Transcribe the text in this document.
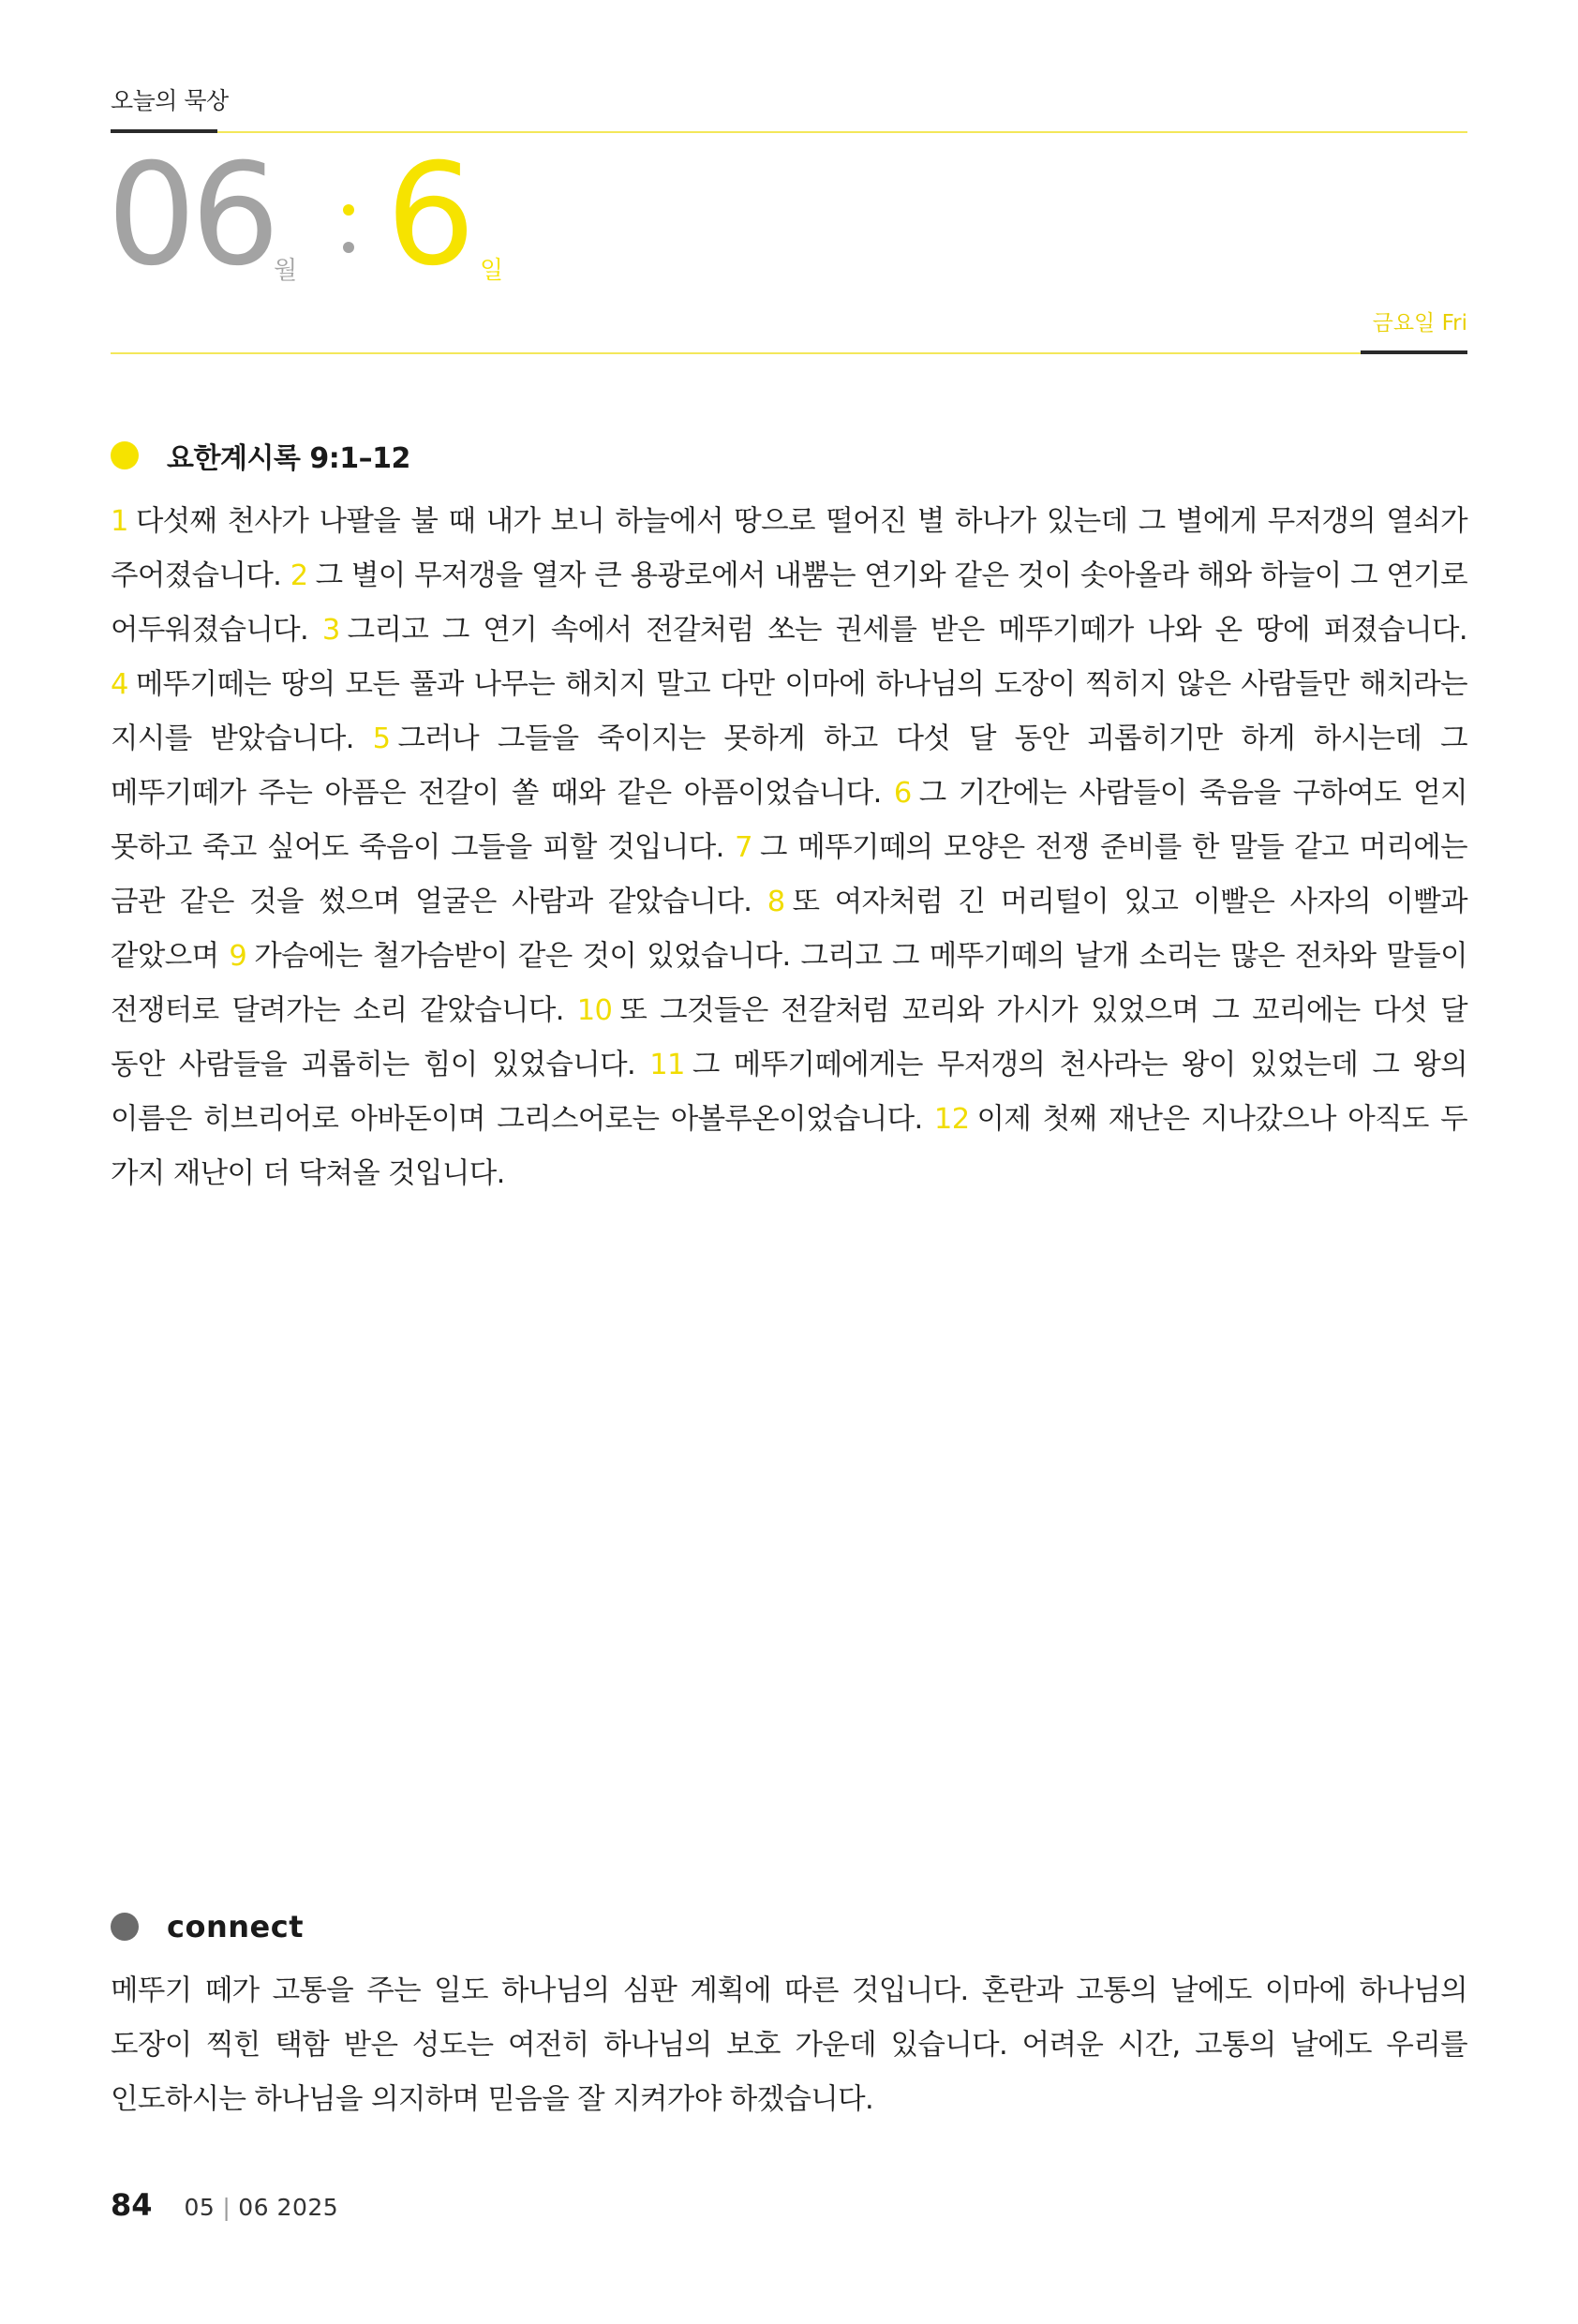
오늘의 묵상
06 월 6 일
금요일 Fri
요한계시록 9:1–12
1 다섯째 천사가 나팔을 불 때 내가 보니 하늘에서 땅으로 떨어진 별 하나가 있는데 그 별에게 무저갱의 열쇠가 주어졌습니다. 2 그 별이 무저갱을 열자 큰 용광로에서 내뿜는 연기와 같은 것이 솟아올라 해와 하늘이 그 연기로 어두워졌습니다. 3 그리고 그 연기 속에서 전갈처럼 쏘는 권세를 받은 메뚜기떼가 나와 온 땅에 퍼졌습니다. 4 메뚜기떼는 땅의 모든 풀과 나무는 해치지 말고 다만 이마에 하나님의 도장이 찍히지 않은 사람들만 해치라는 지시를 받았습니다. 5 그러나 그들을 죽이지는 못하게 하고 다섯 달 동안 괴롭히기만 하게 하시는데 그 메뚜기떼가 주는 아픔은 전갈이 쏠 때와 같은 아픔이었습니다. 6 그 기간에는 사람들이 죽음을 구하여도 얻지 못하고 죽고 싶어도 죽음이 그들을 피할 것입니다. 7 그 메뚜기떼의 모양은 전쟁 준비를 한 말들 같고 머리에는 금관 같은 것을 썼으며 얼굴은 사람과 같았습니다. 8 또 여자처럼 긴 머리털이 있고 이빨은 사자의 이빨과 같았으며 9 가슴에는 철가슴받이 같은 것이 있었습니다. 그리고 그 메뚜기떼의 날개 소리는 많은 전차와 말들이 전쟁터로 달려가는 소리 같았습니다. 10 또 그것들은 전갈처럼 꼬리와 가시가 있었으며 그 꼬리에는 다섯 달 동안 사람들을 괴롭히는 힘이 있었습니다. 11 그 메뚜기떼에게는 무저갱의 천사라는 왕이 있었는데 그 왕의 이름은 히브리어로 아바돈이며 그리스어로는 아볼루온이었습니다. 12 이제 첫째 재난은 지나갔으나 아직도 두 가지 재난이 더 닥쳐올 것입니다.
connect
메뚜기 떼가 고통을 주는 일도 하나님의 심판 계획에 따른 것입니다. 혼란과 고통의 날에도 이마에 하나님의 도장이 찍힌 택함 받은 성도는 여전히 하나님의 보호 가운데 있습니다. 어려운 시간, 고통의 날에도 우리를 인도하시는 하나님을 의지하며 믿음을 잘 지켜가야 하겠습니다.
84 05 | 06 2025
